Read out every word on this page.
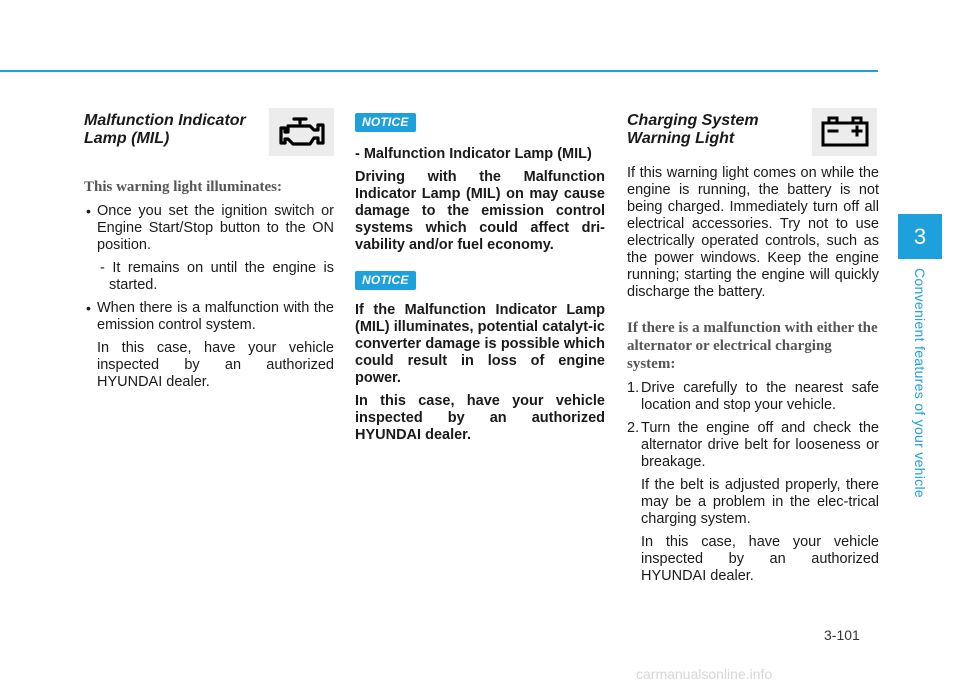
Malfunction Indicator Lamp (MIL)

This warning light illuminates:

• Once you set the ignition switch or Engine Start/Stop button to the ON position.
- It remains on until the engine is started.
• When there is a malfunction with the emission control system.
In this case, have your vehicle inspected by an authorized HYUNDAI dealer.
NOTICE

- Malfunction Indicator Lamp (MIL)

Driving with the Malfunction Indicator Lamp (MIL) on may cause damage to the emission control systems which could affect dri-vability and/or fuel economy.

NOTICE

If the Malfunction Indicator Lamp (MIL) illuminates, potential catalyt-ic converter damage is possible which could result in loss of engine power.

In this case, have your vehicle inspected by an authorized HYUNDAI dealer.

Charging System Warning Light

If this warning light comes on while the engine is running, the battery is not being charged. Immediately turn off all electrical accessories. Try not to use electrically operated controls, such as the power windows. Keep the engine running; starting the engine will quickly discharge the battery.

If there is a malfunction with either the alternator or electrical charging system:

1. Drive carefully to the nearest safe location and stop your vehicle.
2. Turn the engine off and check the alternator drive belt for looseness or breakage.
If the belt is adjusted properly, there may be a problem in the elec-trical charging system.
In this case, have your vehicle inspected by an authorized HYUNDAI dealer.
3
Convenient features of your vehicle
3-101
carmanualsonline.info
